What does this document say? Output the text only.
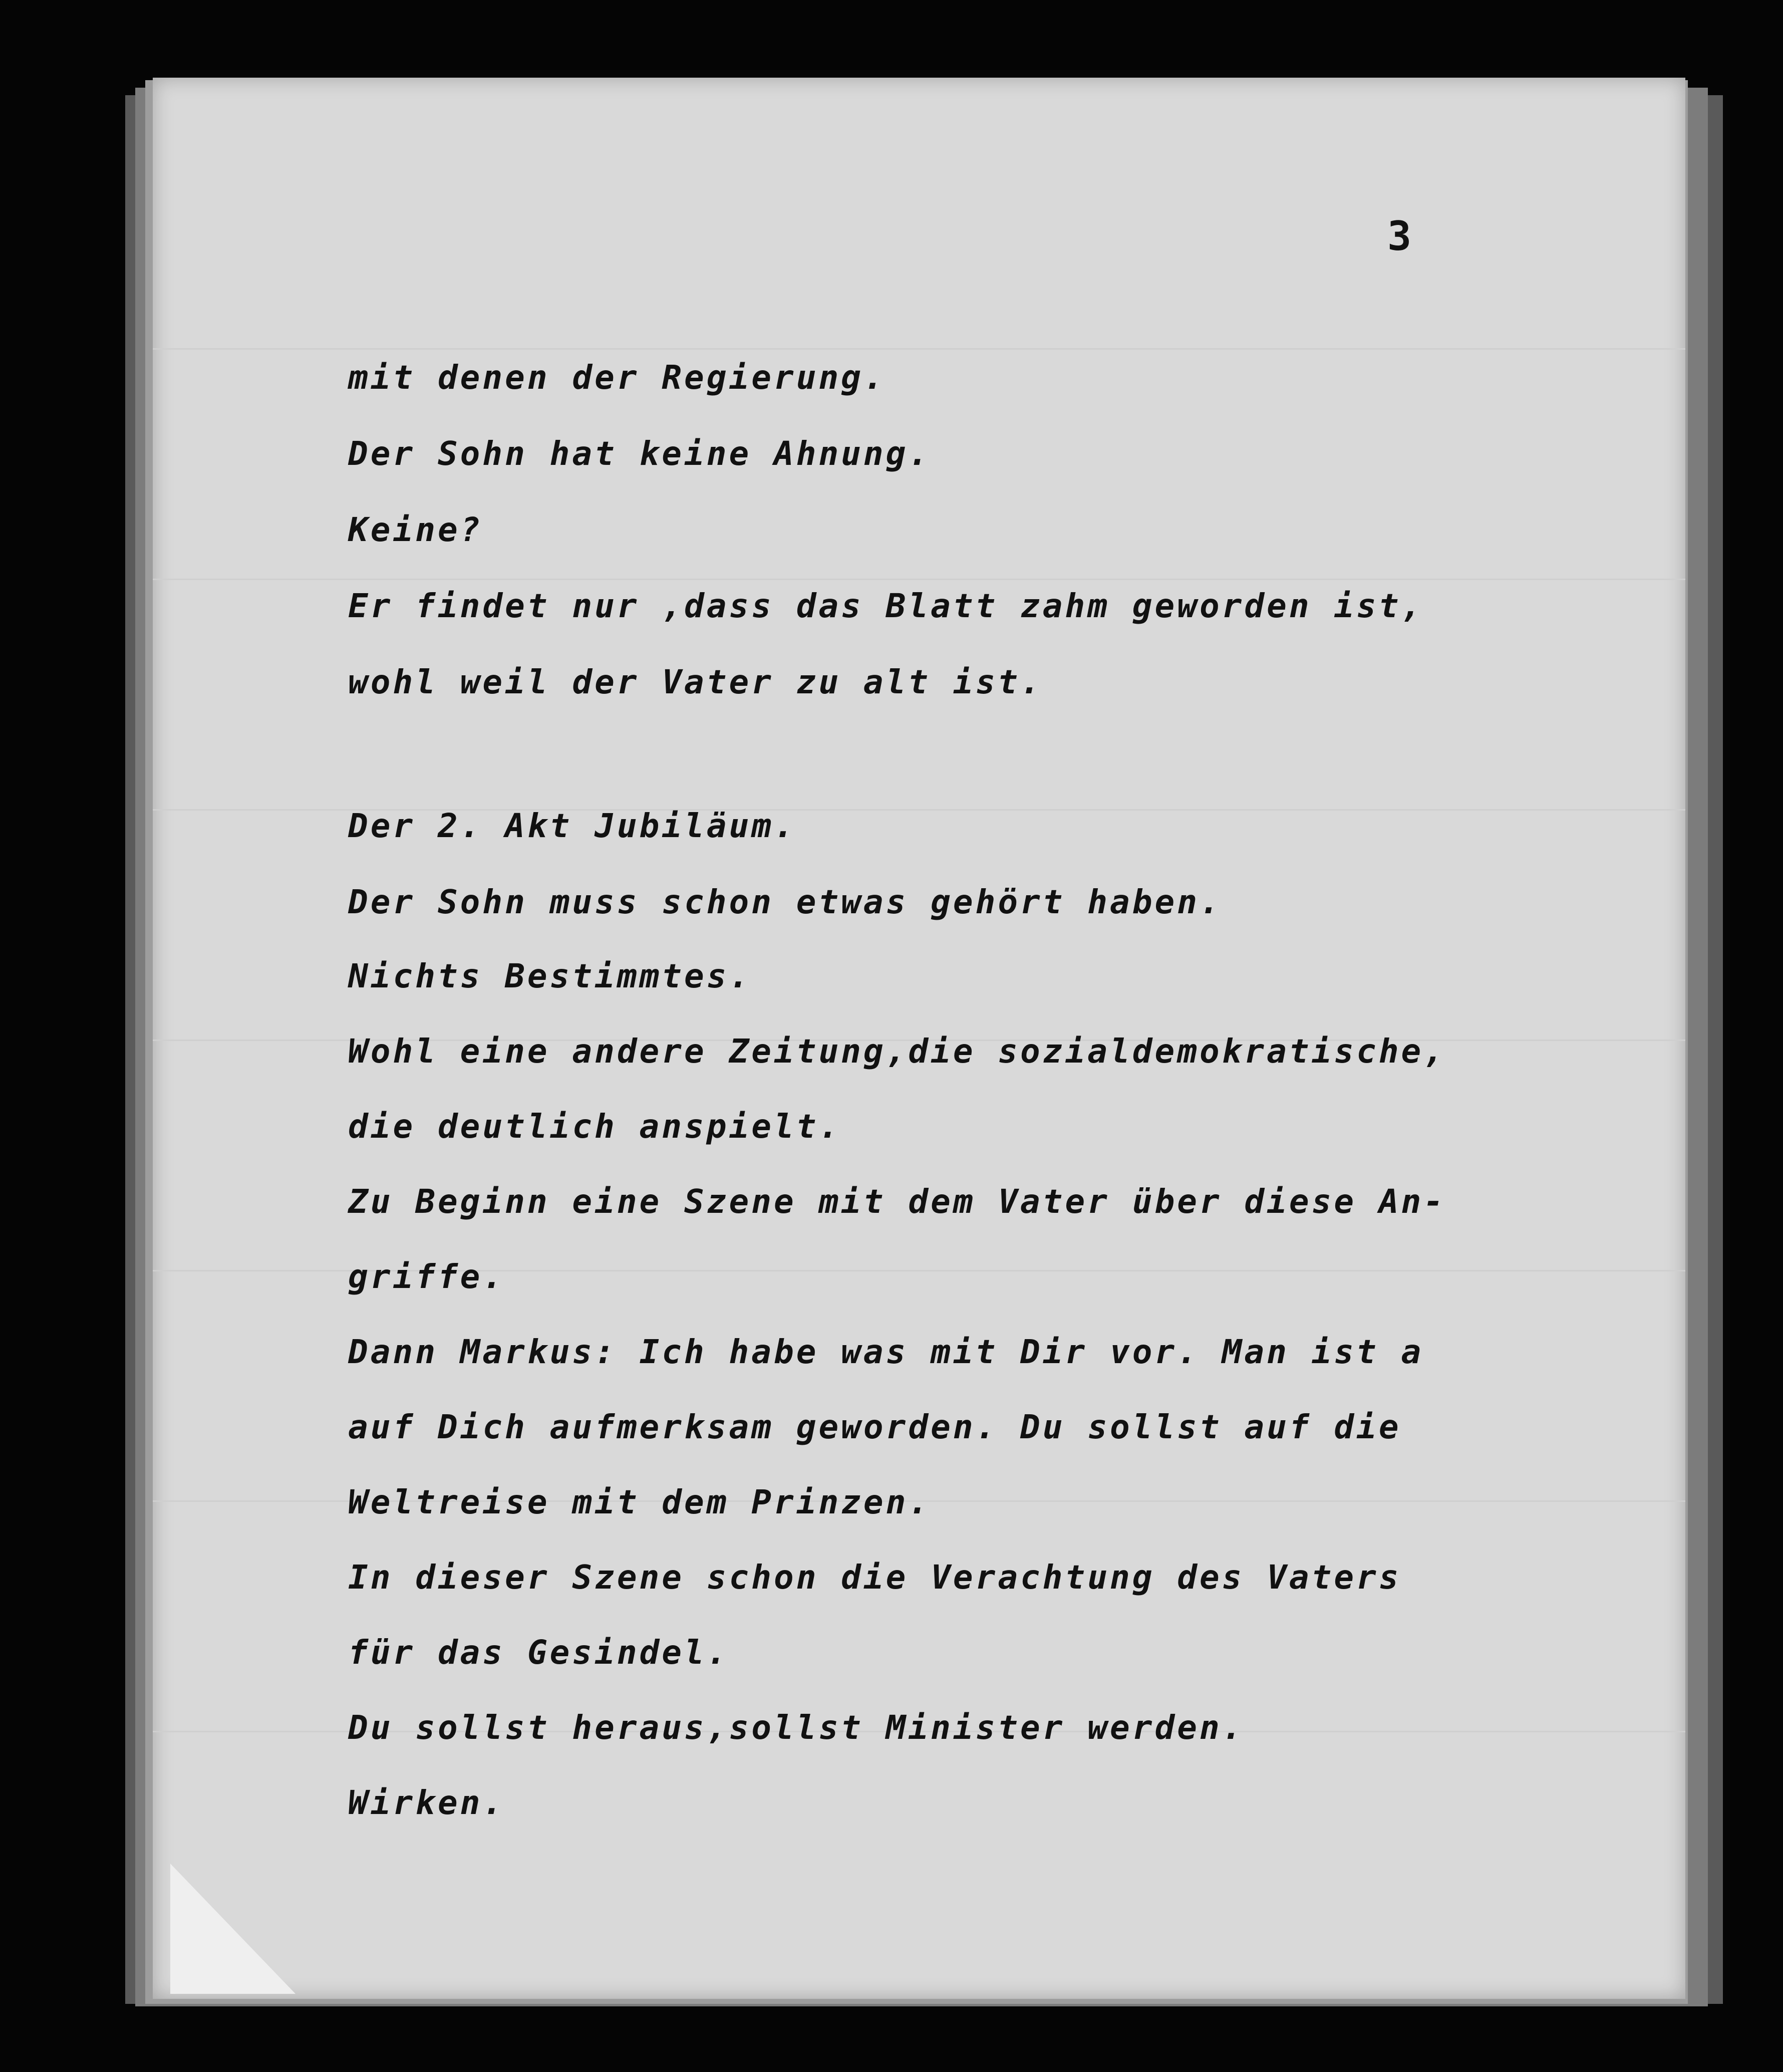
3
mit denen der Regierung.
Der Sohn hat keine Ahnung.
Keine?
Er findet nur ,dass das Blatt zahm geworden ist,
wohl weil der Vater zu alt ist.
Der 2. Akt Jubiläum.
Der Sohn muss schon etwas gehört haben.
Nichts Bestimmtes.
Wohl eine andere Zeitung,die sozialdemokratische,
die deutlich anspielt.
Zu Beginn eine Szene mit dem Vater über diese An-
griffe.
Dann Markus: Ich habe was mit Dir vor. Man ist a
auf Dich aufmerksam geworden. Du sollst auf die
Weltreise mit dem Prinzen.
In dieser Szene schon die Verachtung des Vaters
für das Gesindel.
Du sollst heraus,sollst Minister werden.
Wirken.
